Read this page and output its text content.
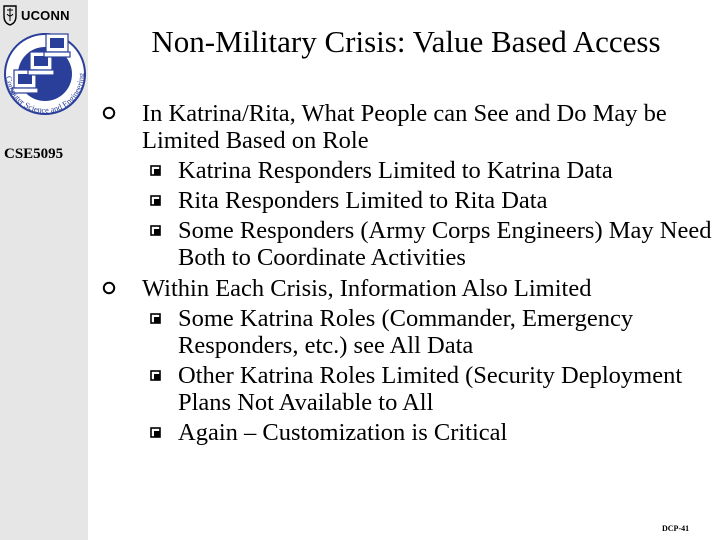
UCONN
Computer Science and Engineering
CSE5095
Non-Military Crisis: Value Based Access
In Katrina/Rita, What People can See and Do May be Limited Based on Role
Katrina Responders Limited to Katrina Data
Rita Responders Limited to Rita Data
Some Responders (Army Corps Engineers) May Need Both to Coordinate Activities
Within Each Crisis, Information Also Limited
Some Katrina Roles (Commander, Emergency Responders, etc.) see All Data
Other Katrina Roles Limited (Security Deployment Plans Not Available to All
Again – Customization is Critical
DCP-41
